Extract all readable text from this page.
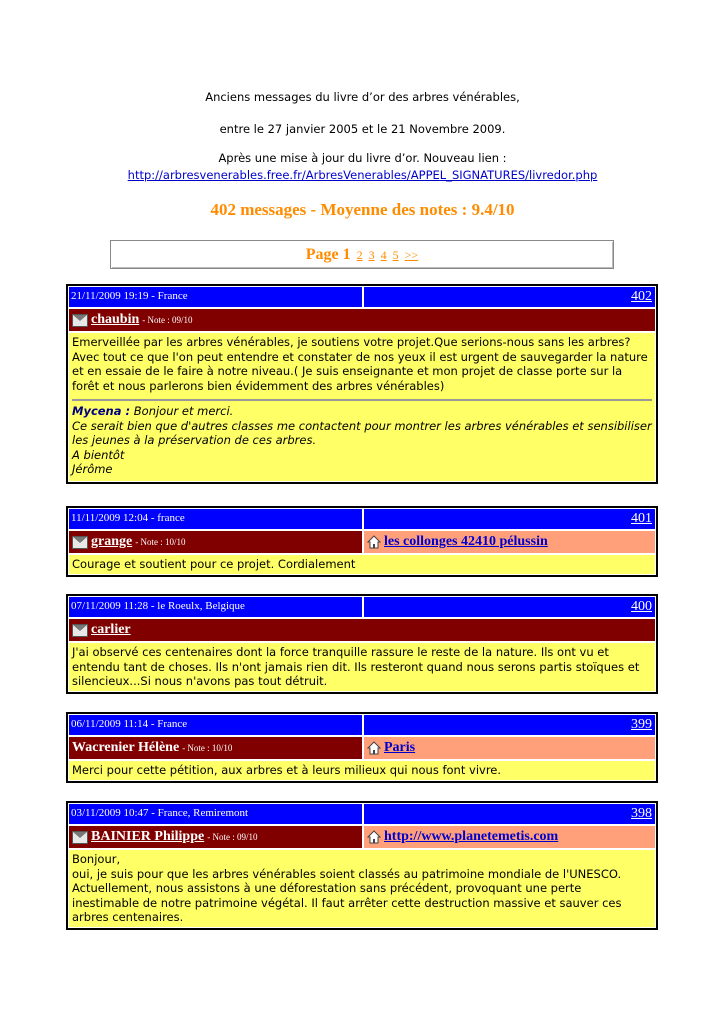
Anciens messages du livre d’or des arbres vénérables,
entre le 27 janvier 2005 et le 21 Novembre 2009.
Après une mise à jour du livre d’or. Nouveau lien :
http://arbresvenerables.free.fr/ArbresVenerables/APPEL_SIGNATURES/livredor.php
402 messages - Moyenne des notes : 9.4/10
Page 1 2 3 4 5 >>
21/11/2009 19:19 - France	402
chaubin - Note : 09/10
Emerveillée par les arbres vénérables, je soutiens votre projet.Que serions-nous sans les arbres? Avec tout ce que l'on peut entendre et constater de nos yeux il est urgent de sauvegarder la nature et en essaie de le faire à notre niveau.( Je suis enseignante et mon projet de classe porte sur la forêt et nous parlerons bien évidemment des arbres vénérables)
Mycena : Bonjour et merci.
Ce serait bien que d'autres classes me contactent pour montrer les arbres vénérables et sensibiliser les jeunes à la préservation de ces arbres.
A bientôt
Jérôme
11/11/2009 12:04 - france	401
grange - Note : 10/10	les collonges 42410 pélussin
Courage et soutient pour ce projet. Cordialement
07/11/2009 11:28 - le Roeulx, Belgique	400
carlier
J'ai observé ces centenaires dont la force tranquille rassure le reste de la nature. Ils ont vu et entendu tant de choses. Ils n'ont jamais rien dit. Ils resteront quand nous serons partis stoïques et silencieux...Si nous n'avons pas tout détruit.
06/11/2009 11:14 - France	399
Wacrenier Hélène - Note : 10/10	Paris
Merci pour cette pétition, aux arbres et à leurs milieux qui nous font vivre.
03/11/2009 10:47 - France, Remiremont	398
BAINIER Philippe - Note : 09/10	http://www.planetemetis.com
Bonjour,
oui, je suis pour que les arbres vénérables soient classés au patrimoine mondiale de l'UNESCO. Actuellement, nous assistons à une déforestation sans précédent, provoquant une perte inestimable de notre patrimoine végétal. Il faut arrêter cette destruction massive et sauver ces arbres centenaires.
